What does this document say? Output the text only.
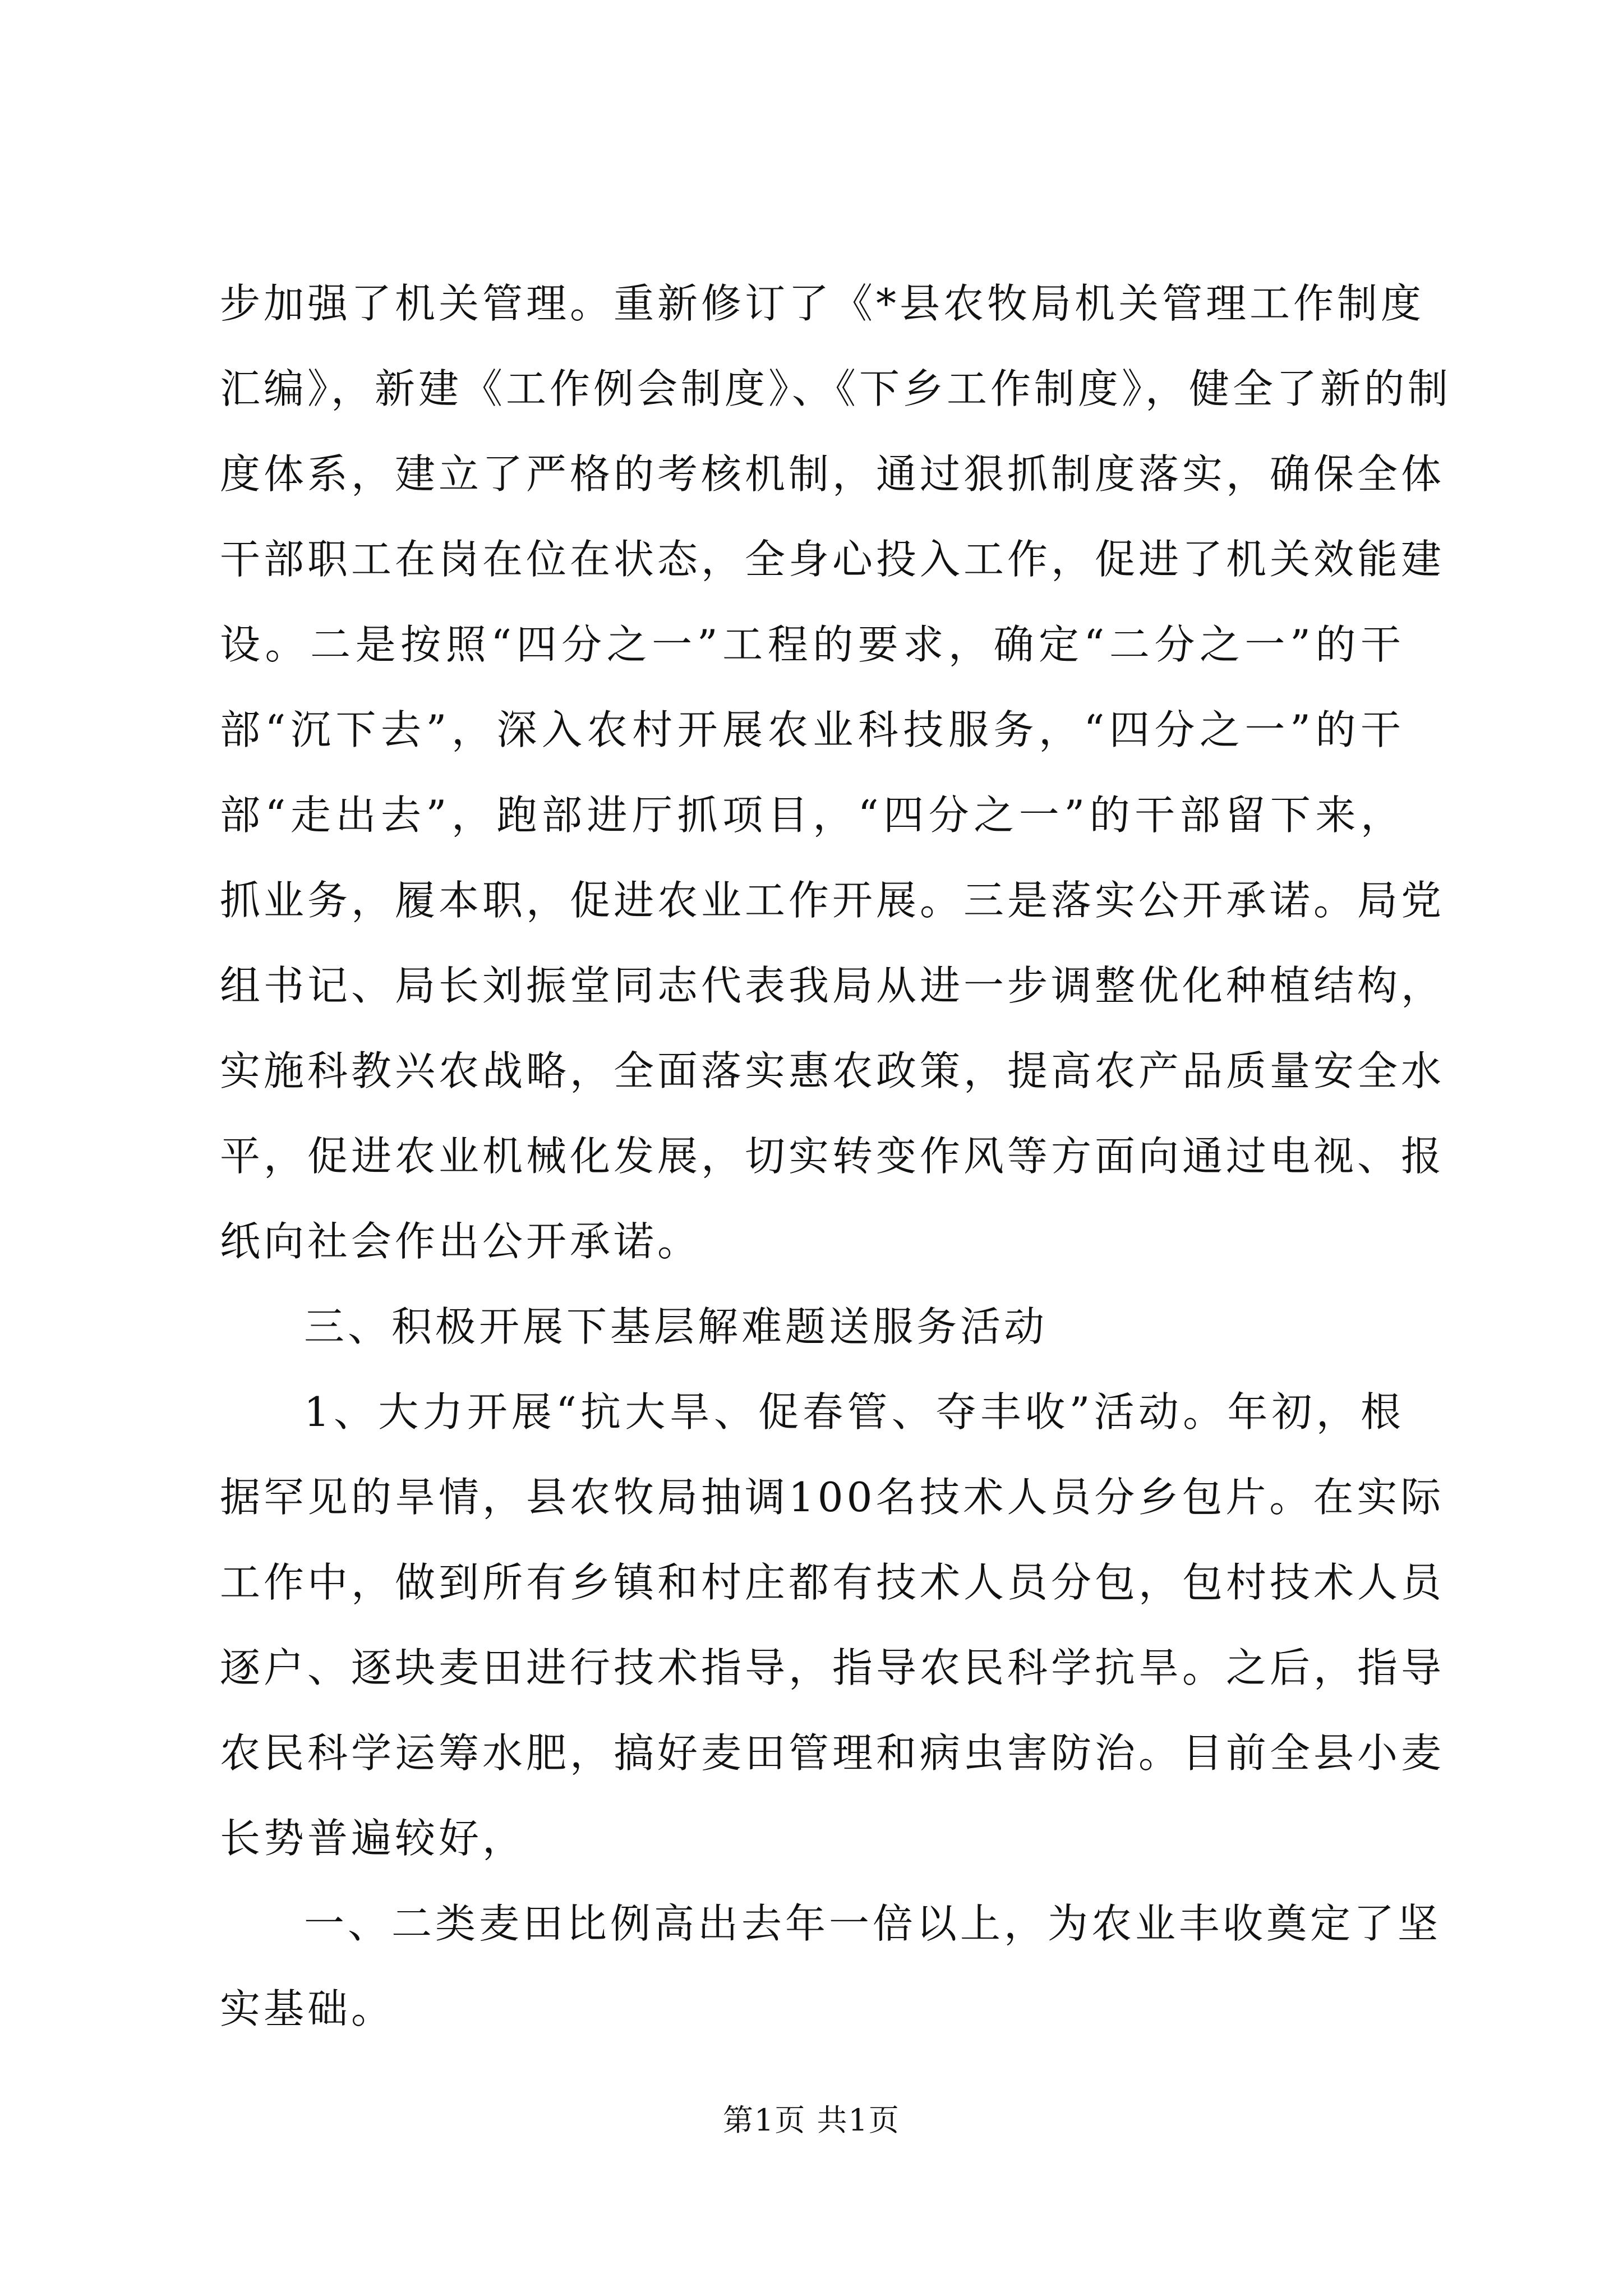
步加强了机关管理。重新修订了《*县农牧局机关管理工作制度
汇编》，新建《工作例会制度》、《下乡工作制度》，健全了新的制
度体系，建立了严格的考核机制，通过狠抓制度落实，确保全体
干部职工在岗在位在状态，全身心投入工作，促进了机关效能建
设。二是按照“四分之一”工程的要求，确定“二分之一”的干
部“沉下去”，深入农村开展农业科技服务，“四分之一”的干
部“走出去”，跑部进厅抓项目，“四分之一”的干部留下来，
抓业务，履本职，促进农业工作开展。三是落实公开承诺。局党
组书记、局长刘振堂同志代表我局从进一步调整优化种植结构，
实施科教兴农战略，全面落实惠农政策，提高农产品质量安全水
平，促进农业机械化发展，切实转变作风等方面向通过电视、报
纸向社会作出公开承诺。
三、积极开展下基层解难题送服务活动
1、大力开展“抗大旱、促春管、夺丰收”活动。年初，根
据罕见的旱情，县农牧局抽调100名技术人员分乡包片。在实际
工作中，做到所有乡镇和村庄都有技术人员分包，包村技术人员
逐户、逐块麦田进行技术指导，指导农民科学抗旱。之后，指导
农民科学运筹水肥，搞好麦田管理和病虫害防治。目前全县小麦
长势普遍较好，
一、二类麦田比例高出去年一倍以上，为农业丰收奠定了坚
实基础。
第1页 共1页
